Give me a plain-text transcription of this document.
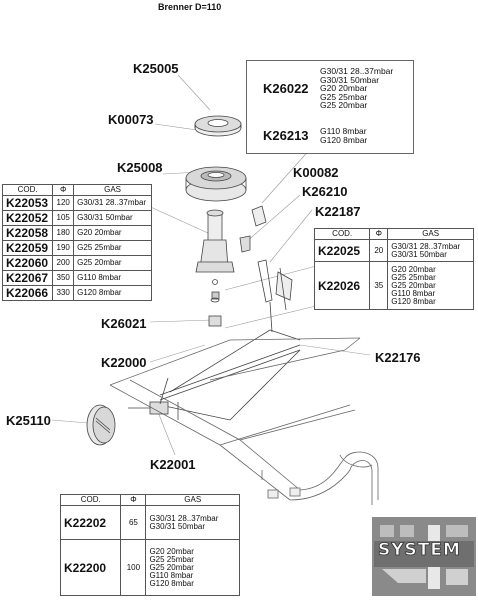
Brenner D=110
K25005
K00073
K25008	K00082
K26210
K22187
K26021
K22000	K22176
K25110
K22001
K26022
G30/31 28..37mbar
G30/31 50mbar
G20 20mbar
G25 25mbar
G25 20mbar
K26213 G110 8mbar
G120 8mbar
COD.	Φ	GAS
K22053	120	G30/31 28..37mbar
K22052	105	G30/31 50mbar
K22058	180	G20 20mbar
K22059	190	G25 25mbar
K22060	200	G25 20mbar
K22067	350	G110 8mbar
K22066	330	G120 8mbar
COD.	Φ	GAS
K22025	20	G30/31 28..37mbar
G30/31 50mbar
K22026	35	G20 20mbar
G25 25mbar
G25 20mbar
G110 8mbar
G120 8mbar
COD.	Φ	GAS
K22202	65	G30/31 28..37mbar
G30/31 50mbar
K22200	100	G20 20mbar
G25 25mbar
G25 20mbar
G110 8mbar
G120 8mbar
SYSTEM
